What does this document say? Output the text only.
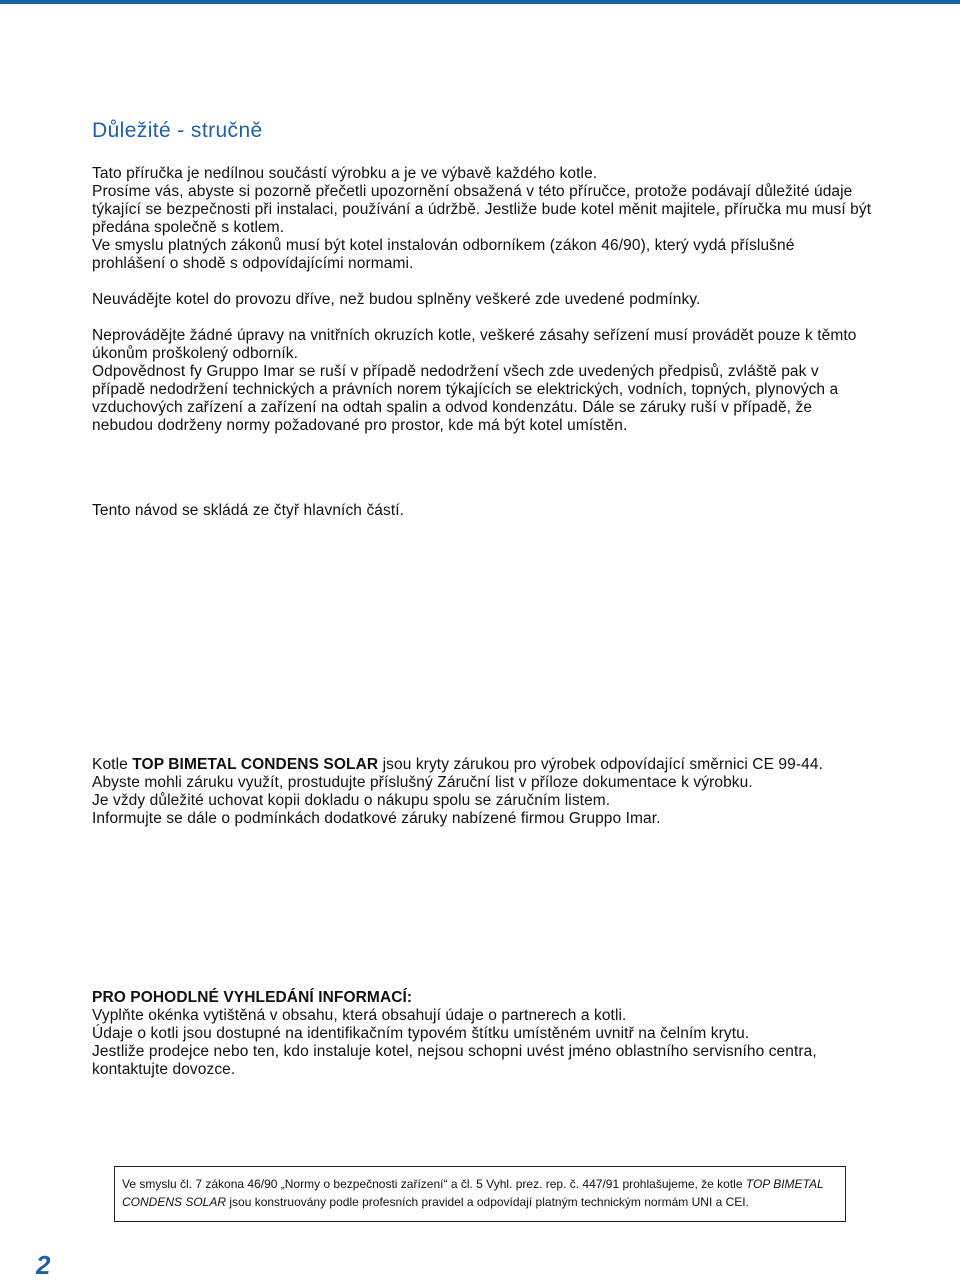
Důležité - stručně

Tato příručka je nedílnou součástí výrobku a je ve výbavě každého kotle.

Prosíme vás, abyste si pozorně přečetli upozornění obsažená v této příručce, protože podávají důležité údaje týkající se bezpečnosti při instalaci, používání a údržbě. Jestliže bude kotel měnit majitele, příručka mu musí být předána společně s kotlem.

Ve smyslu platných zákonů musí být kotel instalován odborníkem (zákon 46/90), který vydá příslušné prohlášení o shodě s odpovídajícími normami.

Neuvádějte kotel do provozu dříve, než budou splněny veškeré zde uvedené podmínky.

Neprovádějte žádné úpravy na vnitřních okruzích kotle, veškeré zásahy seřízení musí provádět pouze k těmto úkonům proškolený odborník.

Odpovědnost fy Gruppo Imar se ruší v případě nedodržení všech zde uvedených předpisů, zvláště pak v případě nedodržení technických a právních norem týkajících se elektrických, vodních, topných, plynových a vzduchových zařízení a zařízení na odtah spalin a odvod kondenzátu. Dále se záruky ruší v případě, že nebudou dodrženy normy požadované pro prostor, kde má být kotel umístěn.

Tento návod se skládá ze čtyř hlavních částí.

Kotle TOP BIMETAL CONDENS SOLAR jsou kryty zárukou pro výrobek odpovídající směrnici CE 99-44.

Abyste mohli záruku využít, prostudujte příslušný Záruční list v příloze dokumentace k výrobku.

Je vždy důležité uchovat kopii dokladu o nákupu spolu se záručním listem.

Informujte se dále o podmínkách dodatkové záruky nabízené firmou Gruppo Imar.

PRO POHODLNÉ VYHLEDÁNÍ INFORMACÍ:

Vyplňte okénka vytištěná v obsahu, která obsahují údaje o partnerech a kotli.

Údaje o kotli jsou dostupné na identifikačním typovém štítku umístěném uvnitř na čelním krytu.

Jestliže prodejce nebo ten, kdo instaluje kotel, nejsou schopni uvést jméno oblastního servisního centra, kontaktujte dovozce.

Ve smyslu čl. 7 zákona 46/90 „Normy o bezpečnosti zařízení“ a čl. 5 Vyhl. prez. rep. č. 447/91 prohlašujeme, že kotle TOP BIMETAL CONDENS SOLAR jsou konstruovány podle profesních pravidel a odpovídají platným technickým normám UNI a CEI.
2
